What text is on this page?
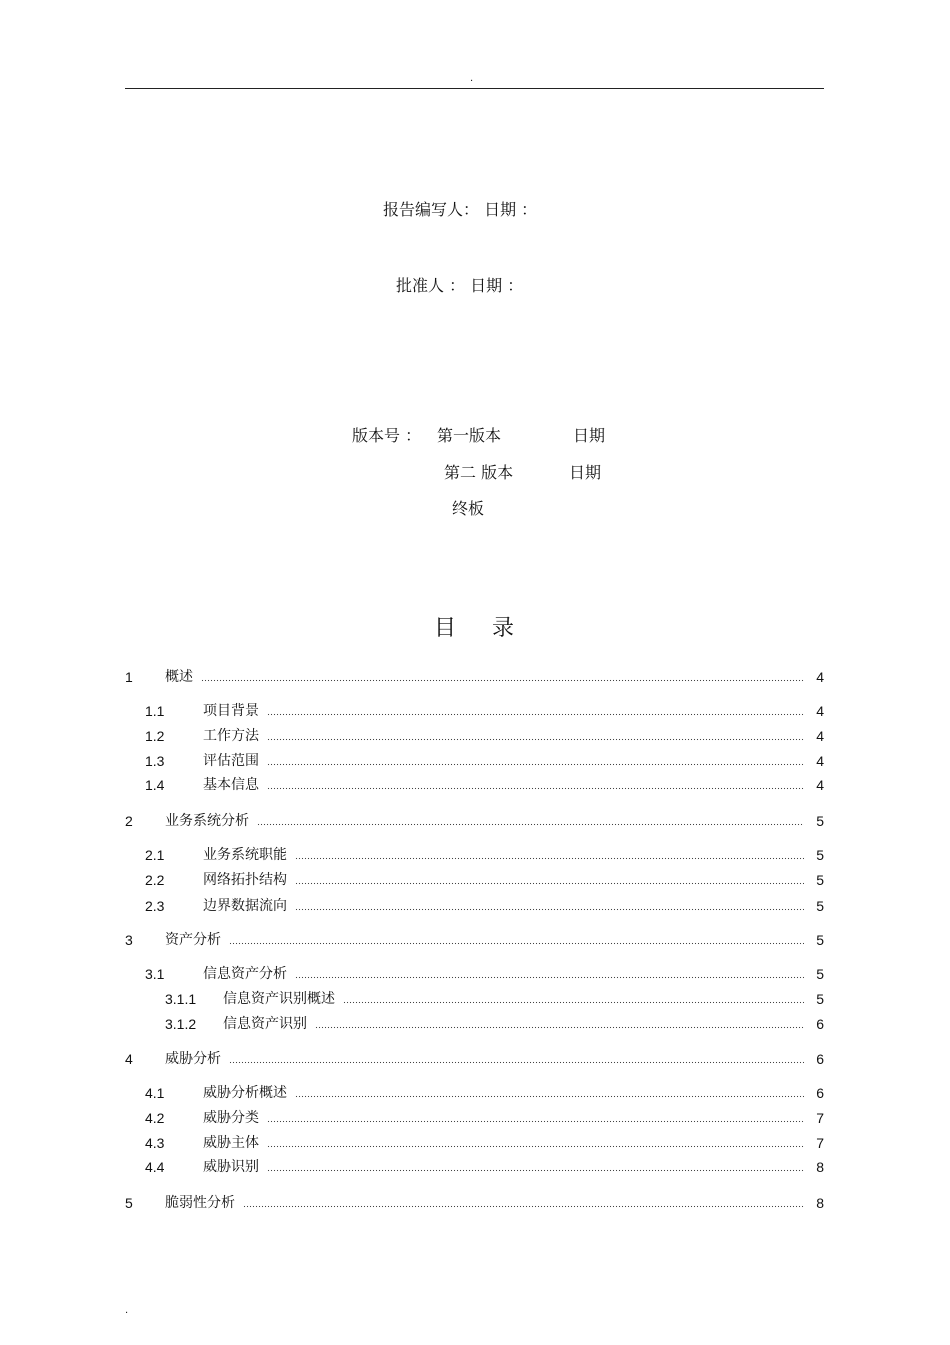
.
报告编写人： 日期 ：
批准人 ： 日期 ：
版本号 ： 第一版本	日期
第二 版本	日期
终板
目 录
1	概述	4
1.1	项目背景	4
1.2	工作方法	4
1.3	评估范围	4
1.4	基本信息	4
2	业务系统分析	5
2.1	业务系统职能	5
2.2	网络拓扑结构	5
2.3	边界数据流向	5
3	资产分析	5
3.1	信息资产分析	5
3.1.1	信息资产识别概述	5
3.1.2	信息资产识别	6
4	威胁分析	6
4.1	威胁分析概述	6
4.2	威胁分类	7
4.3	威胁主体	7
4.4	威胁识别	8
5	脆弱性分析	8
.
